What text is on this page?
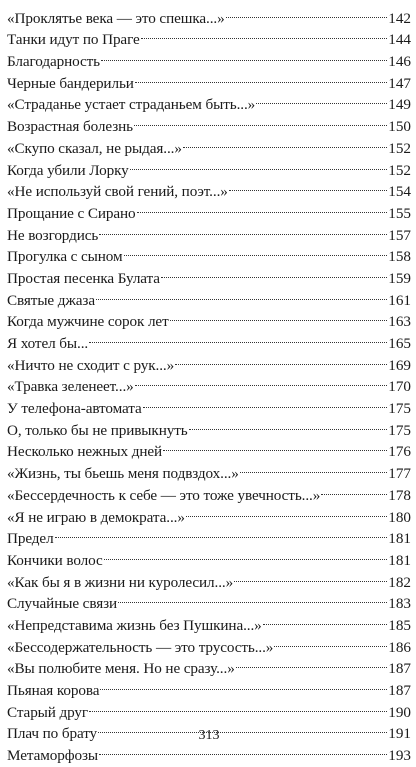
«Проклятье века — это спешка...»	142
Танки идут по Праге	144
Благодарность	146
Черные бандерильи	147
«Страданье устает страданьем быть...»	149
Возрастная болезнь	150
«Скупо сказал, не рыдая...»	152
Когда убили Лорку	152
«Не используй свой гений, поэт...»	154
Прощание с Сирано	155
Не возгордись	157
Прогулка с сыном	158
Простая песенка Булата	159
Святые джаза	161
Когда мужчине сорок лет	163
Я хотел бы...	165
«Ничто не сходит с рук...»	169
«Травка зеленеет...»	170
У телефона-автомата	175
О, только бы не привыкнуть	175
Несколько нежных дней	176
«Жизнь, ты бьешь меня подвздох...»	177
«Бессердечность к себе — это тоже увечность...»	178
«Я не играю в демократа...»	180
Предел	181
Кончики волос	181
«Как бы я в жизни ни куролесил...»	182
Случайные связи	183
«Непредставима жизнь без Пушкина...»	185
«Бессодержательность — это трусость...»	186
«Вы полюбите меня. Но не сразу...»	187
Пьяная корова	187
Старый друг	190
Плач по брату	191
Метаморфозы	193
313
